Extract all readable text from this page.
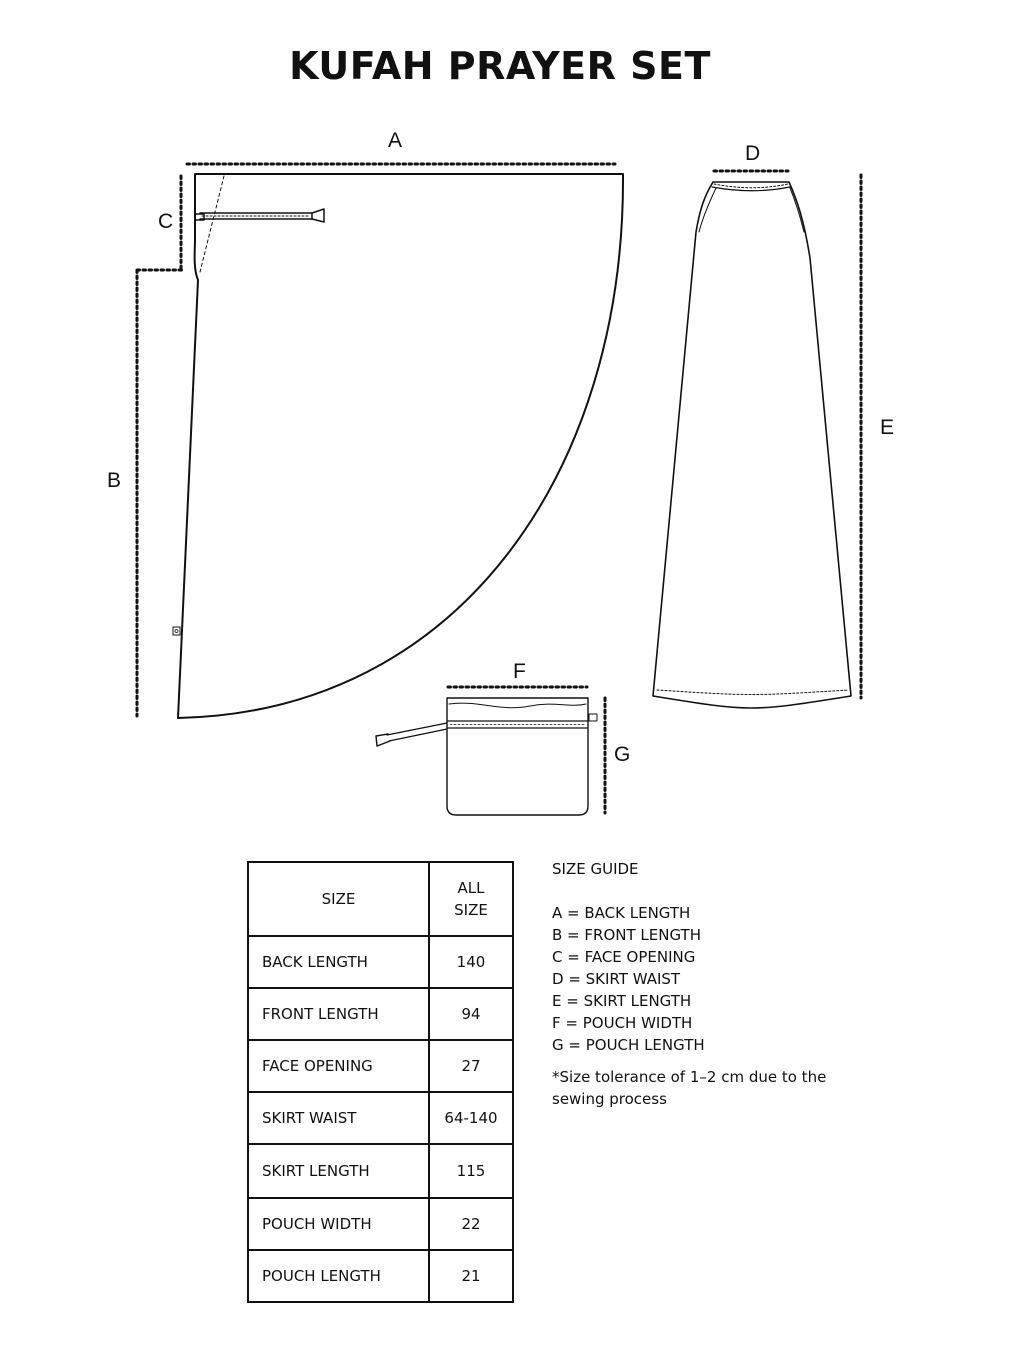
KUFAH PRAYER SET
A
B
C
D
E
F
G
SIZE	ALL
SIZE
BACK LENGTH	140
FRONT LENGTH	94
FACE OPENING	27
SKIRT WAIST	64-140
SKIRT LENGTH	115
POUCH WIDTH	22
POUCH LENGTH	21

SIZE GUIDE

A = BACK LENGTH

B = FRONT LENGTH

C = FACE OPENING

D = SKIRT WAIST

E = SKIRT LENGTH

F = POUCH WIDTH

G = POUCH LENGTH

*Size tolerance of 1–2 cm due to the
sewing process
